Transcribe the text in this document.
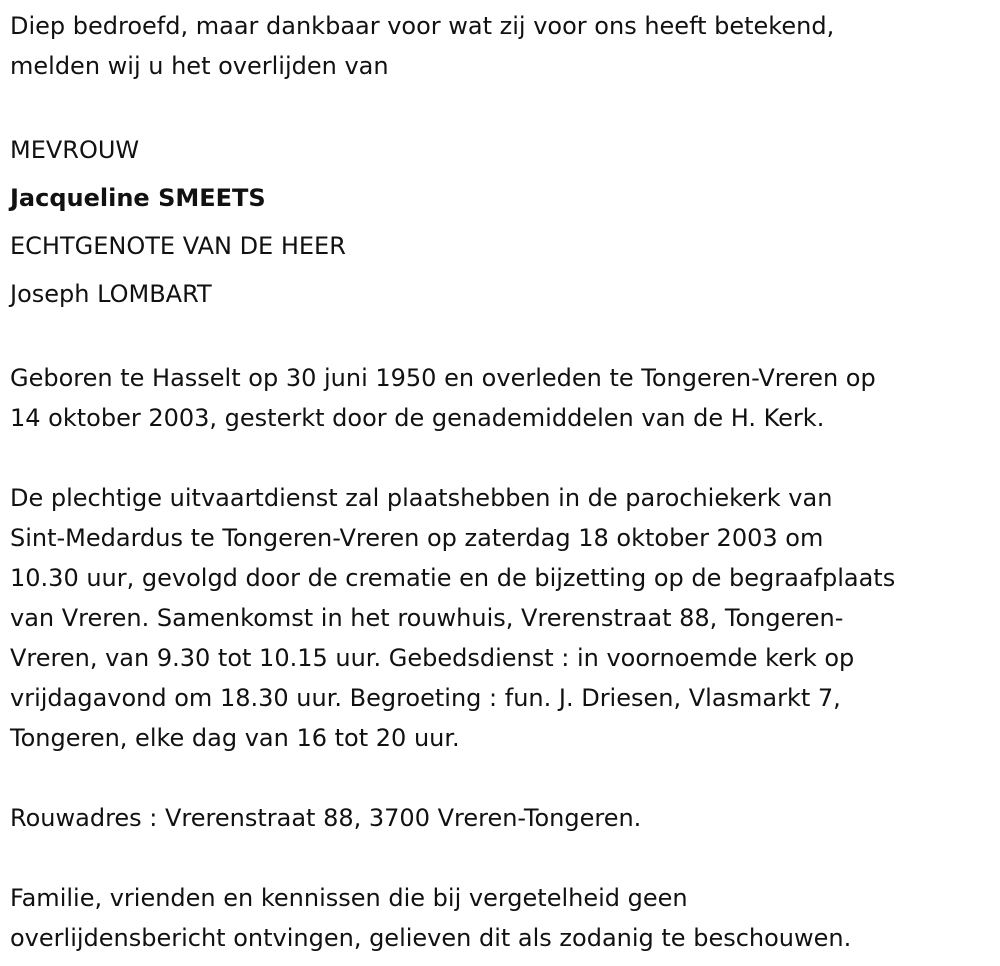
Diep bedroefd, maar dankbaar voor wat zij voor ons heeft betekend,
melden wij u het overlijden van

MEVROUW
Jacqueline SMEETS
ECHTGENOTE VAN DE HEER
Joseph LOMBART

Geboren te Hasselt op 30 juni 1950 en overleden te Tongeren-Vreren op
14 oktober 2003, gesterkt door de genademiddelen van de H. Kerk.

De plechtige uitvaartdienst zal plaatshebben in de parochiekerk van
Sint-Medardus te Tongeren-Vreren op zaterdag 18 oktober 2003 om
10.30 uur, gevolgd door de crematie en de bijzetting op de begraafplaats
van Vreren. Samenkomst in het rouwhuis, Vrerenstraat 88, Tongeren-
Vreren, van 9.30 tot 10.15 uur. Gebedsdienst : in voornoemde kerk op
vrijdagavond om 18.30 uur. Begroeting : fun. J. Driesen, Vlasmarkt 7,
Tongeren, elke dag van 16 tot 20 uur.

Rouwadres : Vrerenstraat 88, 3700 Vreren-Tongeren.

Familie, vrienden en kennissen die bij vergetelheid geen
overlijdensbericht ontvingen, gelieven dit als zodanig te beschouwen.
